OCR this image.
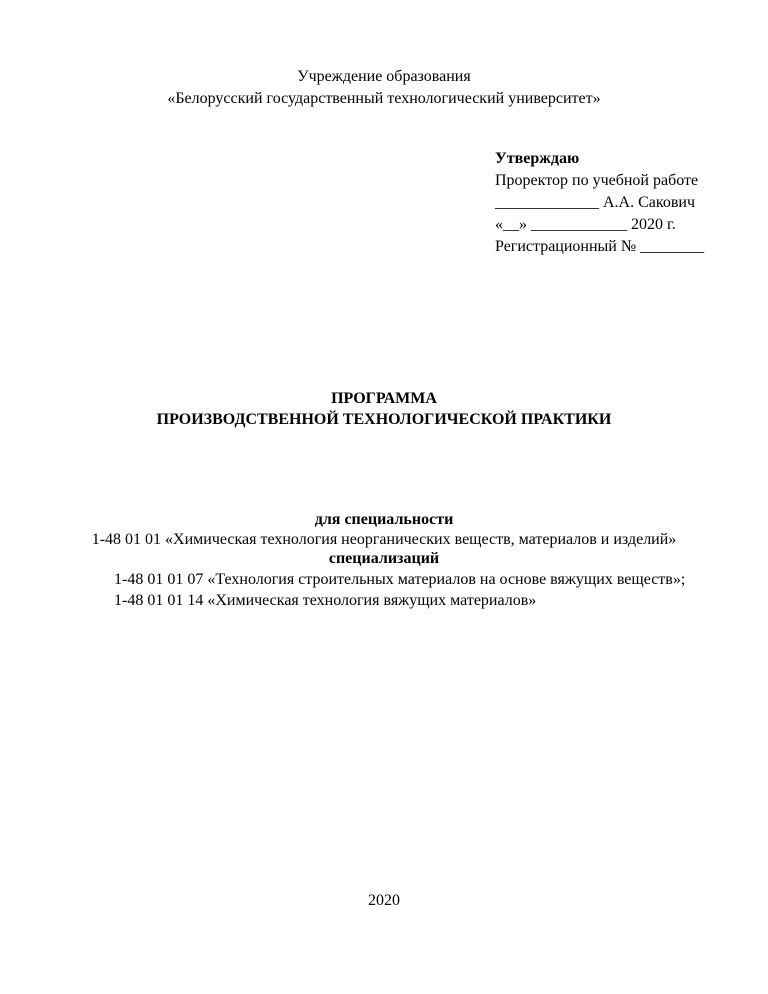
Учреждение образования
«Белорусский государственный технологический университет»
Утверждаю
Проректор по учебной работе
_____________ А.А. Сакович
«__» ____________ 2020 г.
Регистрационный № ________
ПРОГРАММА
ПРОИЗВОДСТВЕННОЙ ТЕХНОЛОГИЧЕСКОЙ ПРАКТИКИ
для специальности
1-48 01 01 «Химическая технология неорганических веществ, материалов и изделий»
специализаций
1-48 01 01 07 «Технология строительных материалов на основе вяжущих веществ»;
1-48 01 01 14 «Химическая технология вяжущих материалов»
2020
